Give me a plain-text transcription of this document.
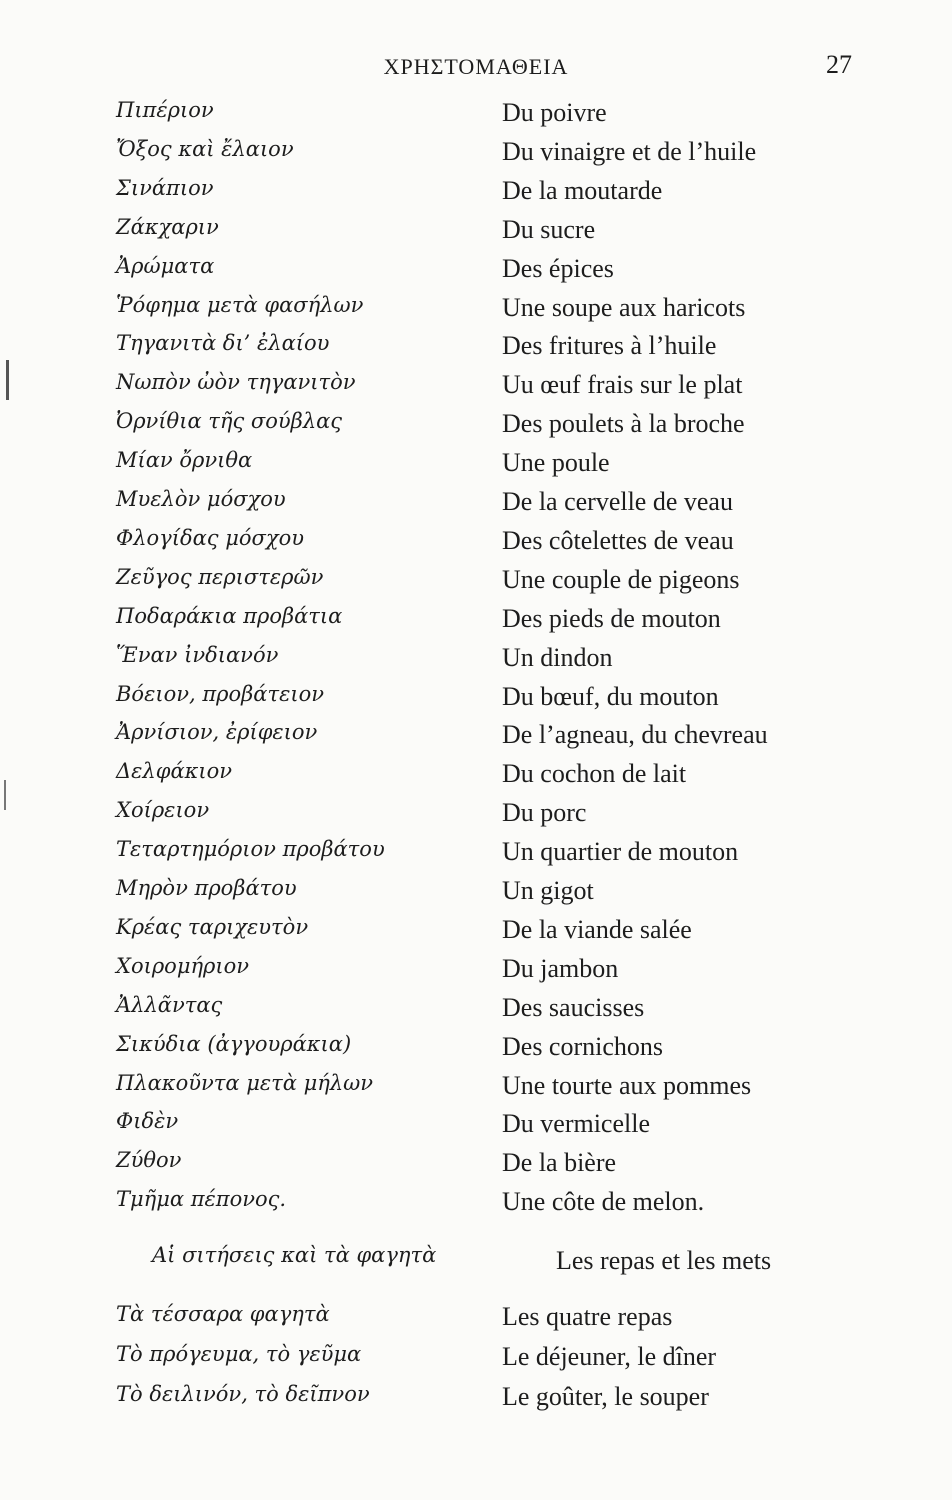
ΧΡΗΣΤΟΜΑΘΕΙΑ	27
Πιπέριον	Du poivre
Ὄξος καὶ ἔλαιον	Du vinaigre et de l’huile
Σινάπιον	De la moutarde
Ζάκχαριν	Du sucre
Ἀρώματα	Des épices
Ῥόφημα μετὰ φασήλων	Une soupe aux haricots
Τηγανιτὰ δι’ ἐλαίου	Des fritures à l’huile
Νωπὸν ὠὸν τηγανιτὸν	Uu œuf frais sur le plat
Ὀρνίθια τῆς σούβλας	Des poulets à la broche
Μίαν ὄρνιθα	Une poule
Μυελὸν μόσχου	De la cervelle de veau
Φλογίδας μόσχου	Des côtelettes de veau
Ζεῦγος περιστερῶν	Une couple de pigeons
Ποδαράκια προβάτια	Des pieds de mouton
Ἕναν ἰνδιανόν	Un dindon
Βόειον, προβάτειον	Du bœuf, du mouton
Ἀρνίσιον, ἐρίφειον	De l’agneau, du chevreau
Δελφάκιον	Du cochon de lait
Χοίρειον	Du porc
Τεταρτημόριον προβάτου	Un quartier de mouton
Μηρὸν προβάτου	Un gigot
Κρέας ταριχευτὸν	De la viande salée
Χοιρομήριον	Du jambon
Ἀλλᾶντας	Des saucisses
Σικύδια (ἀγγουράκια)	Des cornichons
Πλακοῦντα μετὰ μήλων	Une tourte aux pommes
Φιδὲν	Du vermicelle
Ζύθον	De la bière
Τμῆμα πέπονος.	Une côte de melon.
Αἱ σιτήσεις καὶ τὰ φαγητὰ	Les repas et les mets
Τὰ τέσσαρα φαγητὰ	Les quatre repas
Τὸ πρόγευμα, τὸ γεῦμα	Le déjeuner, le dîner
Τὸ δειλινόν, τὸ δεῖπνον	Le goûter, le souper
